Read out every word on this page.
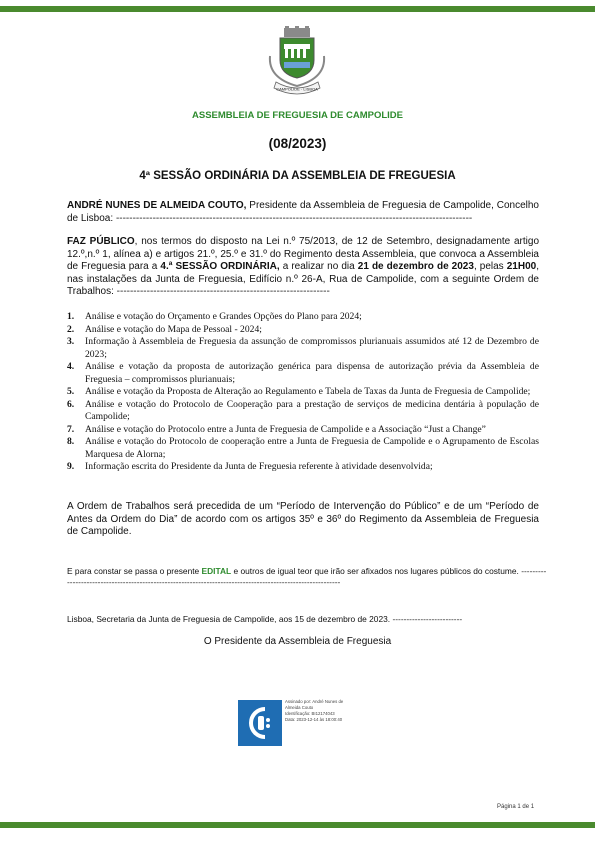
CAMPOLIDE · LISBOA
ASSEMBLEIA DE FREGUESIA DE CAMPOLIDE
(08/2023)
4ª SESSÃO ORDINÁRIA DA ASSEMBLEIA DE FREGUESIA

ANDRÉ NUNES DE ALMEIDA COUTO, Presidente da Assembleia de Freguesia de Campolide, Concelho de Lisboa: -----------------------------------------------------------------------------------------------------------

FAZ PÚBLICO, nos termos do disposto na Lei n.º 75/2013, de 12 de Setembro, designadamente artigo 12.º,n.º 1, alínea a) e artigos 21.º, 25.º e 31.º do Regimento desta Assembleia, que convoca a Assembleia de Freguesia para a 4.ª SESSÃO ORDINÁRIA, a realizar no dia 21 de dezembro de 2023, pelas 21H00, nas instalações da Junta de Freguesia, Edifício n.º 26-A, Rua de Campolide, com a seguinte Ordem de Trabalhos: ----------------------------------------------------------------

1. Análise e votação do Orçamento e Grandes Opções do Plano para 2024;
2. Análise e votação do Mapa de Pessoal - 2024;
3. Informação à Assembleia de Freguesia da assunção de compromissos plurianuais assumidos até 12 de Dezembro de 2023;
4. Análise e votação da proposta de autorização genérica para dispensa de autorização prévia da Assembleia de Freguesia – compromissos plurianuais;
5. Análise e votação da Proposta de Alteração ao Regulamento e Tabela de Taxas da Junta de Freguesia de Campolide;
6. Análise e votação do Protocolo de Cooperação para a prestação de serviços de medicina dentária à população de Campolide;
7. Análise e votação do Protocolo entre a Junta de Freguesia de Campolide e a Associação “Just a Change”
8. Análise e votação do Protocolo de cooperação entre a Junta de Freguesia de Campolide e o Agrupamento de Escolas Marquesa de Alorna;
9. Informação escrita do Presidente da Junta de Freguesia referente à atividade desenvolvida;

A Ordem de Trabalhos será precedida de um “Período de Intervenção do Público” e de um “Período de Antes da Ordem do Dia” de acordo com os artigos 35º e 36º do Regimento da Assembleia de Freguesia de Campolide.

E para constar se passa o presente EDITAL e outros de igual teor que irão ser afixados nos lugares públicos do costume. -----------------------------------------------------------------------------------------------------------

Lisboa, Secretaria da Junta de Freguesia de Campolide, aos 15 de dezembro de 2023. -------------------------

O Presidente da Assembleia de Freguesia
Assinado por: André Nunes de
Almeida Couto
Identificação: BI12174043
Data: 2023-12-14 às 18:00:40
Página 1 de 1
